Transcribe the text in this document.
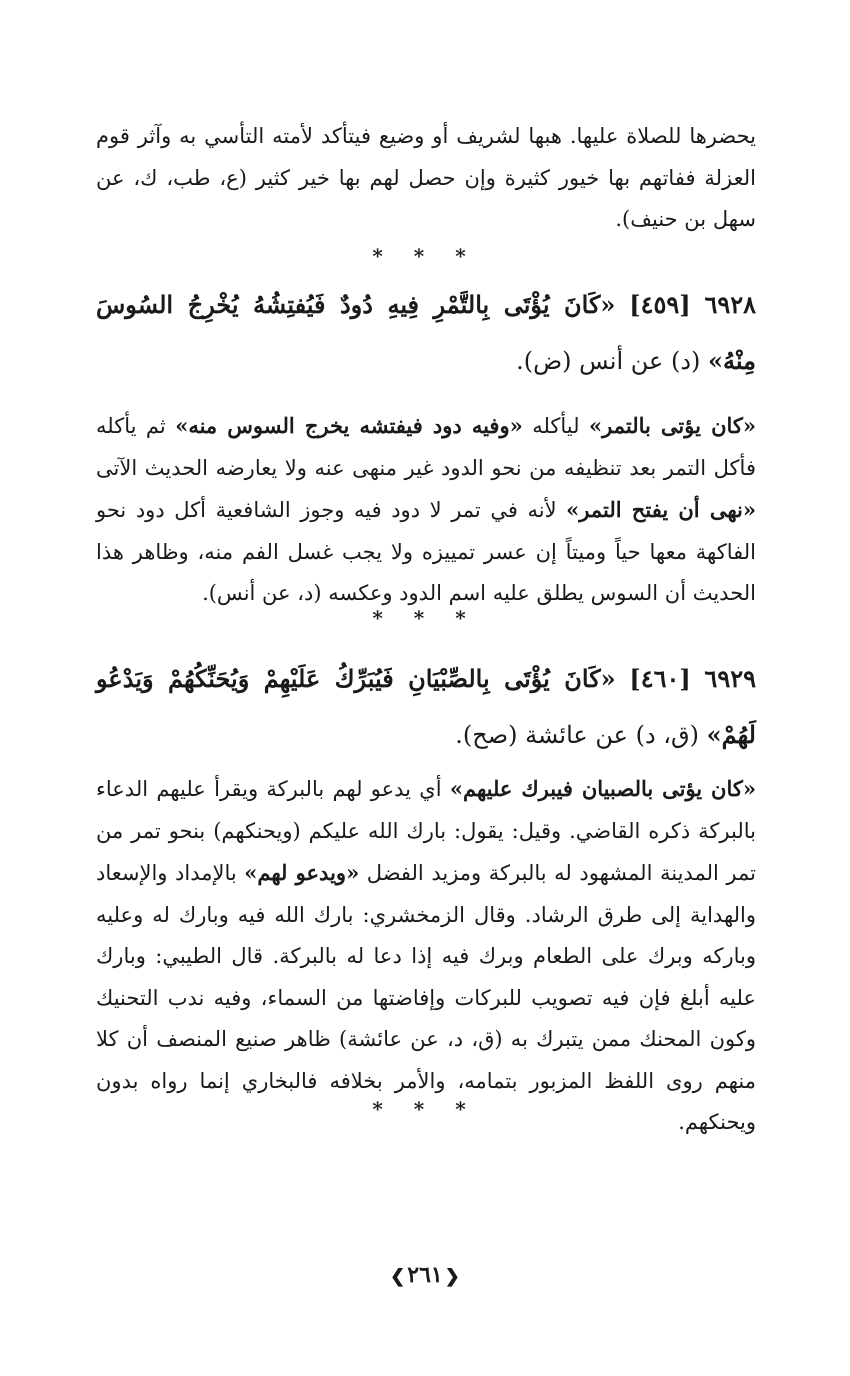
يحضرها للصلاة عليها. هبها لشريف أو وضيع فيتأكد لأمته التأسي به وآثر قوم العزلة ففاتهم بها خيور كثيرة وإن حصل لهم بها خير كثير (ع، طب، ك، عن سهل بن حنيف).
* * *
٦٩٢٨ [٤٥٩] «كَانَ يُؤْتَى بِالتَّمْرِ فِيهِ دُودٌ فَيُفتِشُهُ يُخْرِجُ السُوسَ مِنْهُ» (د) عن أنس (ض).
«كان يؤتى بالتمر» ليأكله «وفيه دود فيفتشه يخرج السوس منه» ثم يأكله فأكل التمر بعد تنظيفه من نحو الدود غير منهى عنه ولا يعارضه الحديث الآتى «نهى أن يفتح التمر» لأنه في تمر لا دود فيه وجوز الشافعية أكل دود نحو الفاكهة معها حياً وميتاً إن عسر تمييزه ولا يجب غسل الفم منه، وظاهر هذا الحديث أن السوس يطلق عليه اسم الدود وعكسه (د، عن أنس).
* * *
٦٩٢٩ [٤٦٠] «كَانَ يُؤْتَى بِالصِّبْيَانِ فَيُبَرِّكُ عَلَيْهِمْ وَيُحَنِّكُهُمْ وَيَدْعُو لَهُمْ» (ق، د) عن عائشة (صح).
«كان يؤتى بالصبيان فيبرك عليهم» أي يدعو لهم بالبركة ويقرأ عليهم الدعاء بالبركة ذكره القاضي. وقيل: يقول: بارك الله عليكم (ويحنكهم) بنحو تمر من تمر المدينة المشهود له بالبركة ومزيد الفضل «ويدعو لهم» بالإمداد والإسعاد والهداية إلى طرق الرشاد. وقال الزمخشري: بارك الله فيه وبارك له وعليه وباركه وبرك على الطعام وبرك فيه إذا دعا له بالبركة. قال الطيبي: وبارك عليه أبلغ فإن فيه تصويب للبركات وإفاضتها من السماء، وفيه ندب التحنيك وكون المحنك ممن يتبرك به (ق، د، عن عائشة) ظاهر صنيع المنصف أن كلا منهم روى اللفظ المزبور بتمامه، والأمر بخلافه فالبخاري إنما رواه بدون ويحنكهم.
* * *
❮٢٦١❯
